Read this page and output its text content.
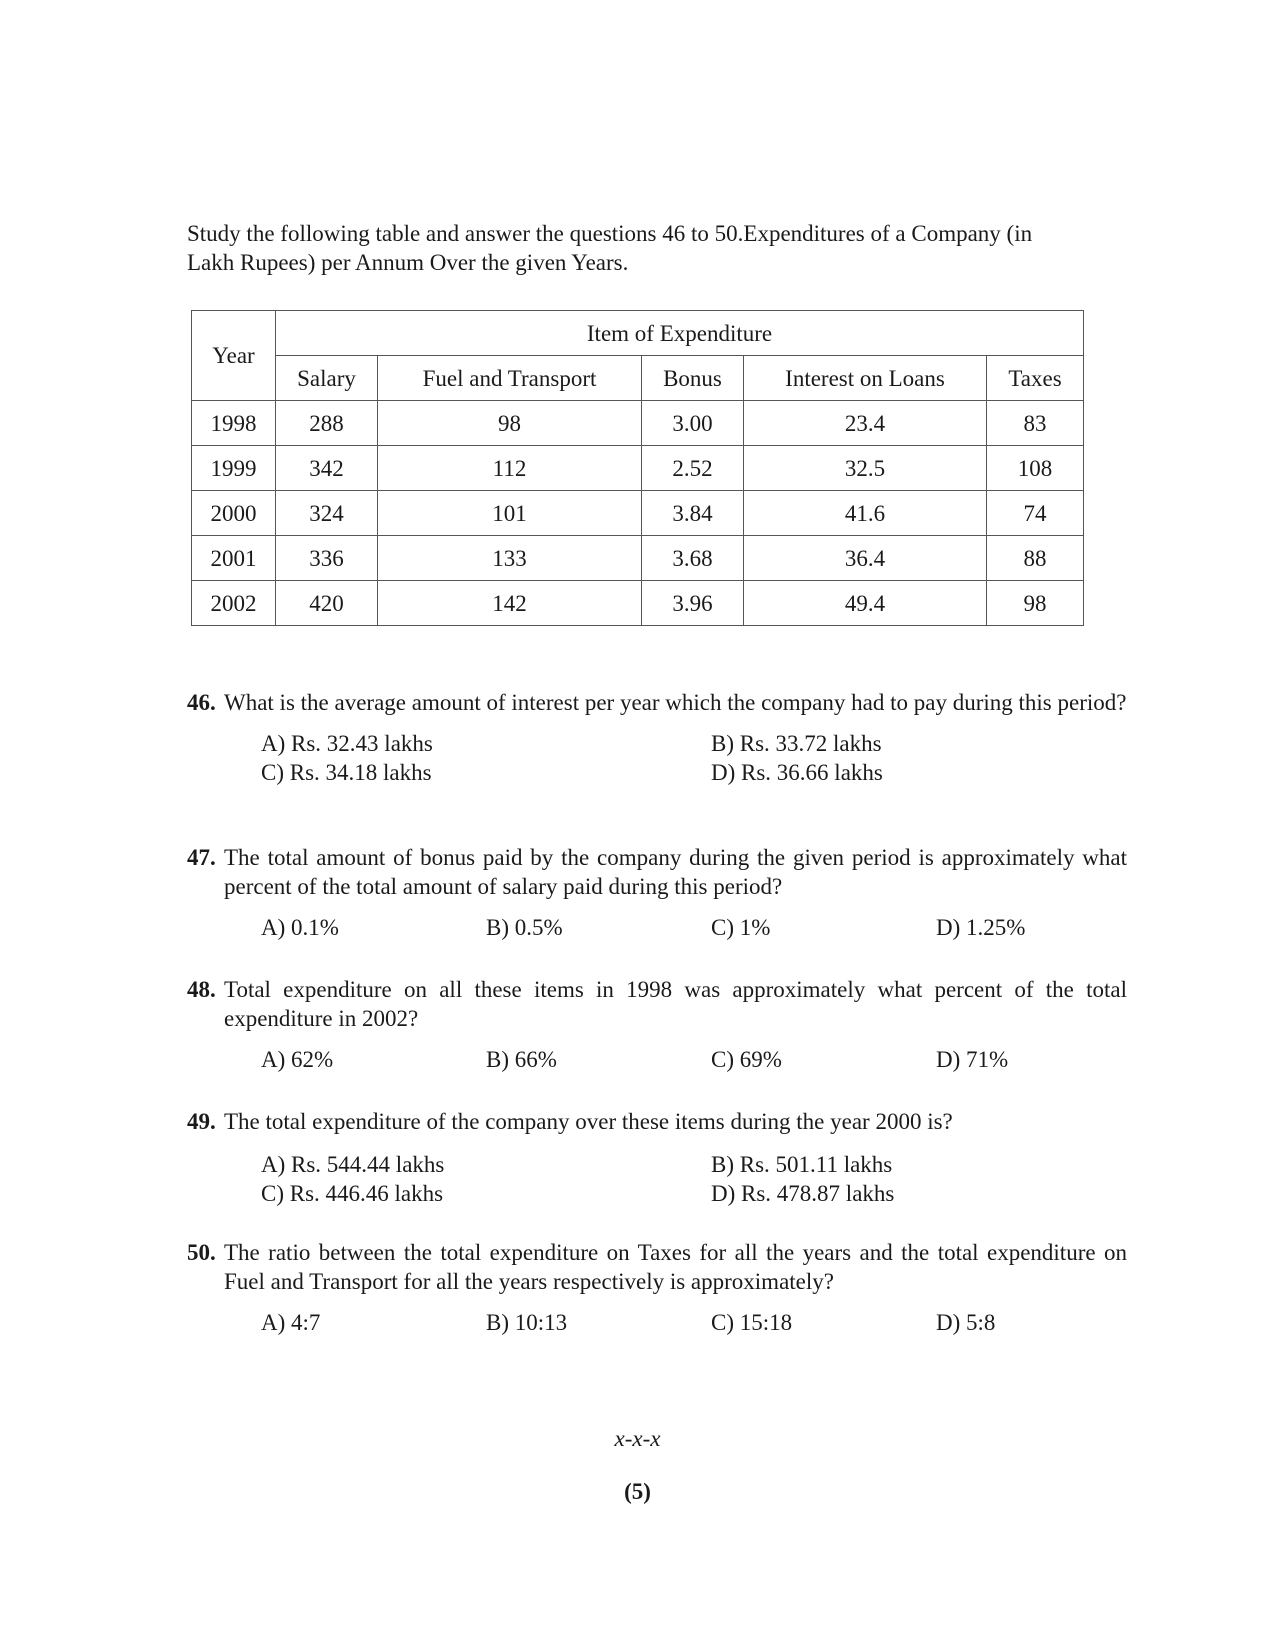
Study the following table and answer the questions 46 to 50.Expenditures of a Company (in
Lakh Rupees) per Annum Over the given Years.
Year	Item of Expenditure				
	Salary	Fuel and Transport	Bonus	Interest on Loans	Taxes
1998	288	98	3.00	23.4	83
1999	342	112	2.52	32.5	108
2000	324	101	3.84	41.6	74
2001	336	133	3.68	36.4	88
2002	420	142	3.96	49.4	98
46. What is the average amount of interest per year which the company had to pay during this period?
A) Rs. 32.43 lakhs	B) Rs. 33.72 lakhs
C) Rs. 34.18 lakhs	D) Rs. 36.66 lakhs
47. The total amount of bonus paid by the company during the given period is approximately what percent of the total amount of salary paid during this period?
A) 0.1%	B) 0.5%	C) 1%	D) 1.25%
48. Total expenditure on all these items in 1998 was approximately what percent of the total expenditure in 2002?
A) 62%	B) 66%	C) 69%	D) 71%
49. The total expenditure of the company over these items during the year 2000 is?
A) Rs. 544.44 lakhs	B) Rs. 501.11 lakhs
C) Rs. 446.46 lakhs	D) Rs. 478.87 lakhs
50. The ratio between the total expenditure on Taxes for all the years and the total expenditure on Fuel and Transport for all the years respectively is approximately?
A) 4:7	B) 10:13	C) 15:18	D) 5:8
x-x-x
(5)
